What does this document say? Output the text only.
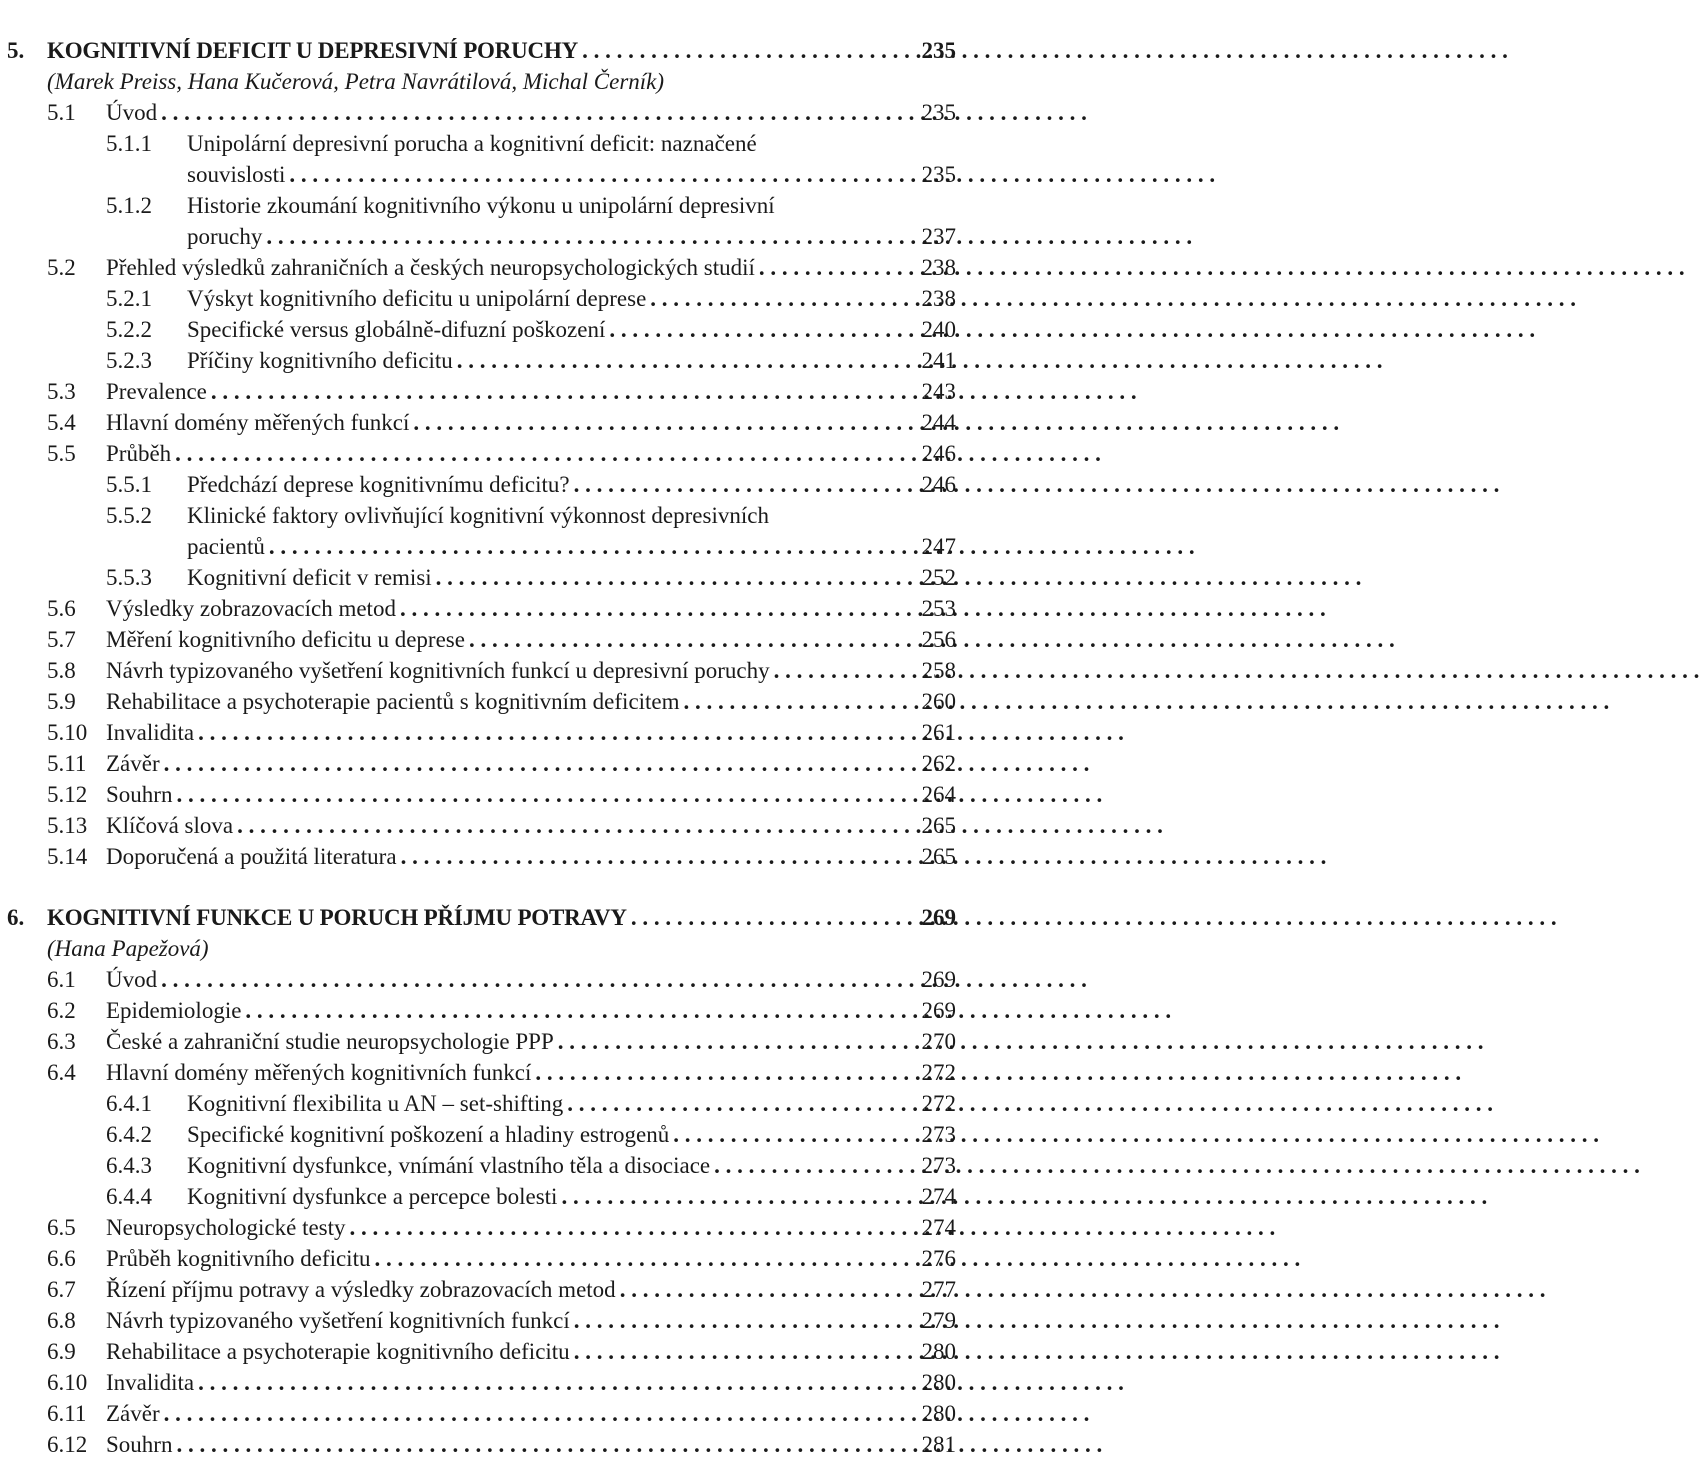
5. KOGNITIVNÍ DEFICIT U DEPRESIVNÍ PORUCHY . . .	235
(Marek Preiss, Hana Kučerová, Petra Navrátilová, Michal Černík)
5.1 Úvod . . .	235
5.1.1 Unipolární depresivní porucha a kognitivní deficit: naznačené
souvislosti . . .	235
5.1.2 Historie zkoumání kognitivního výkonu u unipolární depresivní
poruchy . . .	237
5.2 Přehled výsledků zahraničních a českých neuropsychologických studií . . .	238
5.2.1 Výskyt kognitivního deficitu u unipolární deprese . . .	238
5.2.2 Specifické versus globálně-difuzní poškození . . .	240
5.2.3 Příčiny kognitivního deficitu . . .	241
5.3 Prevalence . . .	243
5.4 Hlavní domény měřených funkcí . . .	244
5.5 Průběh . . .	246
5.5.1 Předchází deprese kognitivnímu deficitu? . . .	246
5.5.2 Klinické faktory ovlivňující kognitivní výkonnost depresivních
pacientů . . .	247
5.5.3 Kognitivní deficit v remisi . . .	252
5.6 Výsledky zobrazovacích metod . . .	253
5.7 Měření kognitivního deficitu u deprese . . .	256
5.8 Návrh typizovaného vyšetření kognitivních funkcí u depresivní poruchy . . .	258
5.9 Rehabilitace a psychoterapie pacientů s kognitivním deficitem . . .	260
5.10 Invalidita . . .	261
5.11 Závěr . . .	262
5.12 Souhrn . . .	264
5.13 Klíčová slova . . .	265
5.14 Doporučená a použitá literatura . . .	265
6. KOGNITIVNÍ FUNKCE U PORUCH PŘÍJMU POTRAVY . . .	269
(Hana Papežová)
6.1 Úvod . . .	269
6.2 Epidemiologie . . .	269
6.3 České a zahraniční studie neuropsychologie PPP . . .	270
6.4 Hlavní domény měřených kognitivních funkcí . . .	272
6.4.1 Kognitivní flexibilita u AN – set-shifting . . .	272
6.4.2 Specifické kognitivní poškození a hladiny estrogenů . . .	273
6.4.3 Kognitivní dysfunkce, vnímání vlastního těla a disociace . . .	273
6.4.4 Kognitivní dysfunkce a percepce bolesti . . .	274
6.5 Neuropsychologické testy . . .	274
6.6 Průběh kognitivního deficitu . . .	276
6.7 Řízení příjmu potravy a výsledky zobrazovacích metod . . .	277
6.8 Návrh typizovaného vyšetření kognitivních funkcí . . .	279
6.9 Rehabilitace a psychoterapie kognitivního deficitu . . .	280
6.10 Invalidita . . .	280
6.11 Závěr . . .	280
6.12 Souhrn . . .	281
